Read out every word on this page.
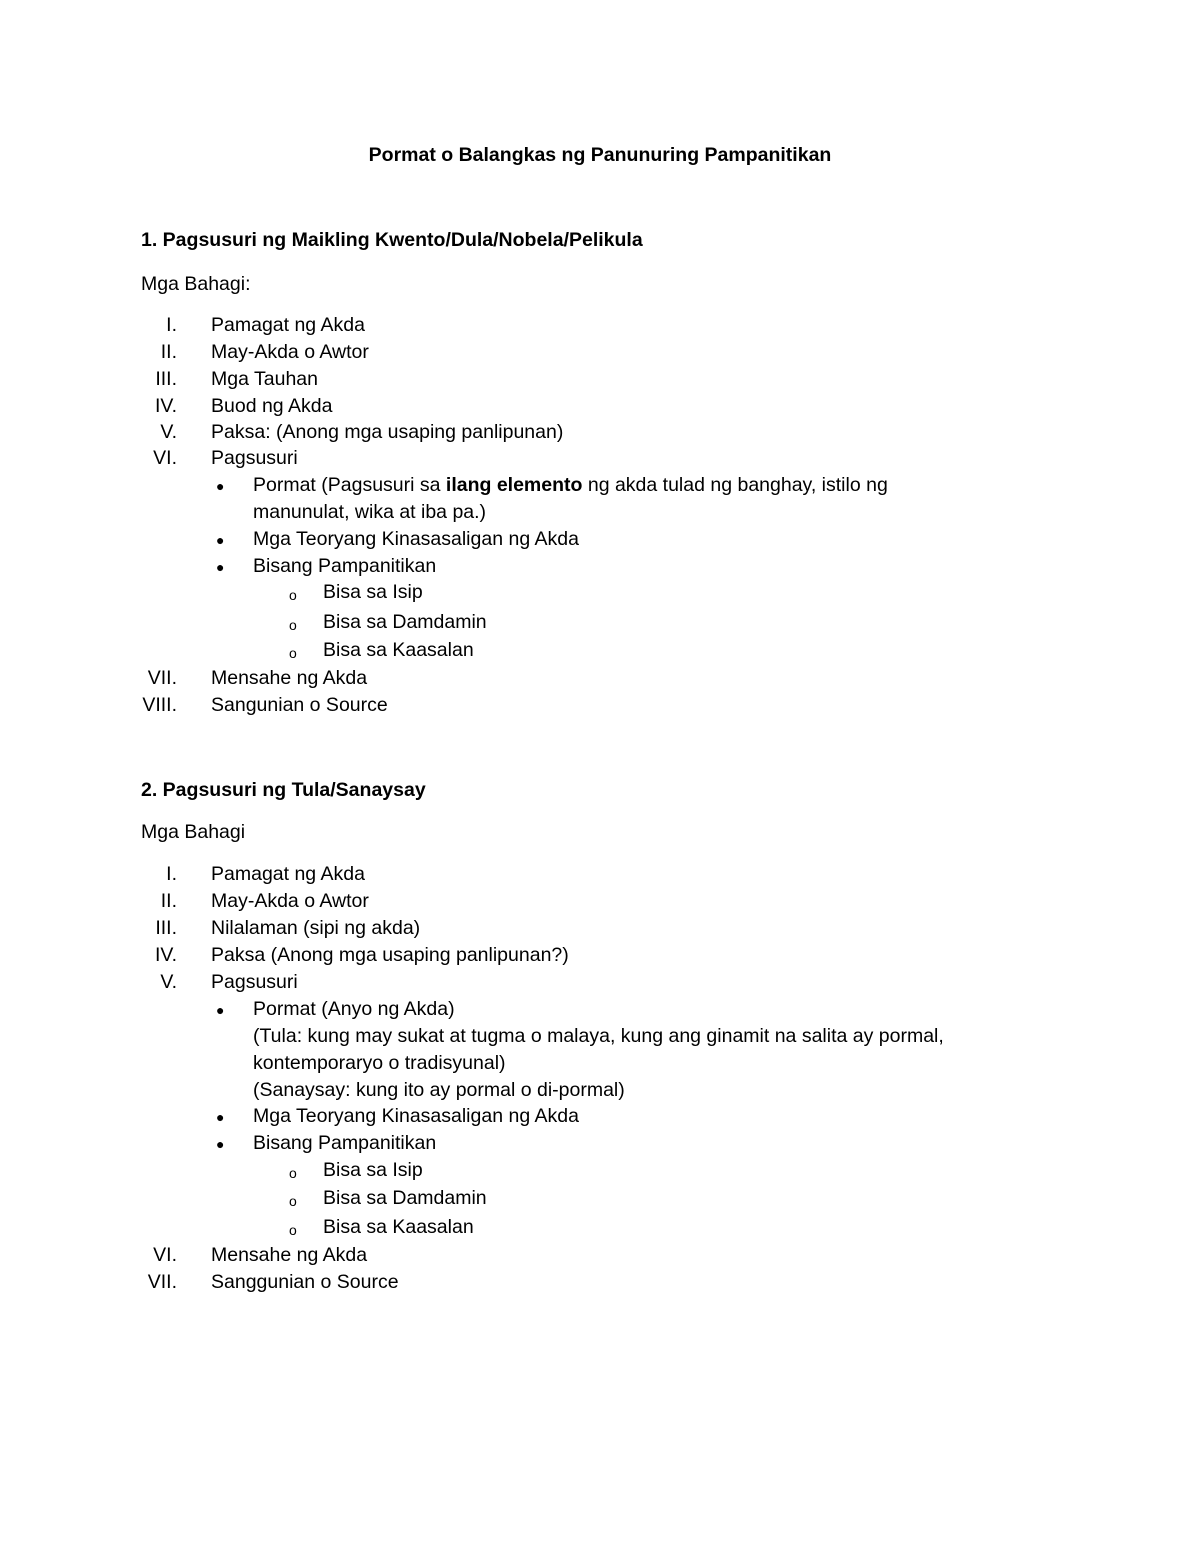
Pormat o Balangkas ng Panunuring Pampanitikan
1. Pagsusuri ng Maikling Kwento/Dula/Nobela/Pelikula
Mga Bahagi:
I. Pamagat ng Akda
II. May-Akda o Awtor
III. Mga Tauhan
IV. Buod ng Akda
V. Paksa: (Anong mga usaping panlipunan)
VI. Pagsusuri
● Pormat (Pagsusuri sa ilang elemento ng akda tulad ng banghay, istilo ng
manunulat, wika at iba pa.)
● Mga Teoryang Kinasasaligan ng Akda
● Bisang Pampanitikan
o Bisa sa Isip
o Bisa sa Damdamin
o Bisa sa Kaasalan
VII. Mensahe ng Akda
VIII. Sangunian o Source
2. Pagsusuri ng Tula/Sanaysay
Mga Bahagi
I. Pamagat ng Akda
II. May-Akda o Awtor
III. Nilalaman (sipi ng akda)
IV. Paksa (Anong mga usaping panlipunan?)
V. Pagsusuri
● Pormat (Anyo ng Akda)
(Tula: kung may sukat at tugma o malaya, kung ang ginamit na salita ay pormal,
kontemporaryo o tradisyunal)
(Sanaysay: kung ito ay pormal o di-pormal)
● Mga Teoryang Kinasasaligan ng Akda
● Bisang Pampanitikan
o Bisa sa Isip
o Bisa sa Damdamin
o Bisa sa Kaasalan
VI. Mensahe ng Akda
VII. Sanggunian o Source
